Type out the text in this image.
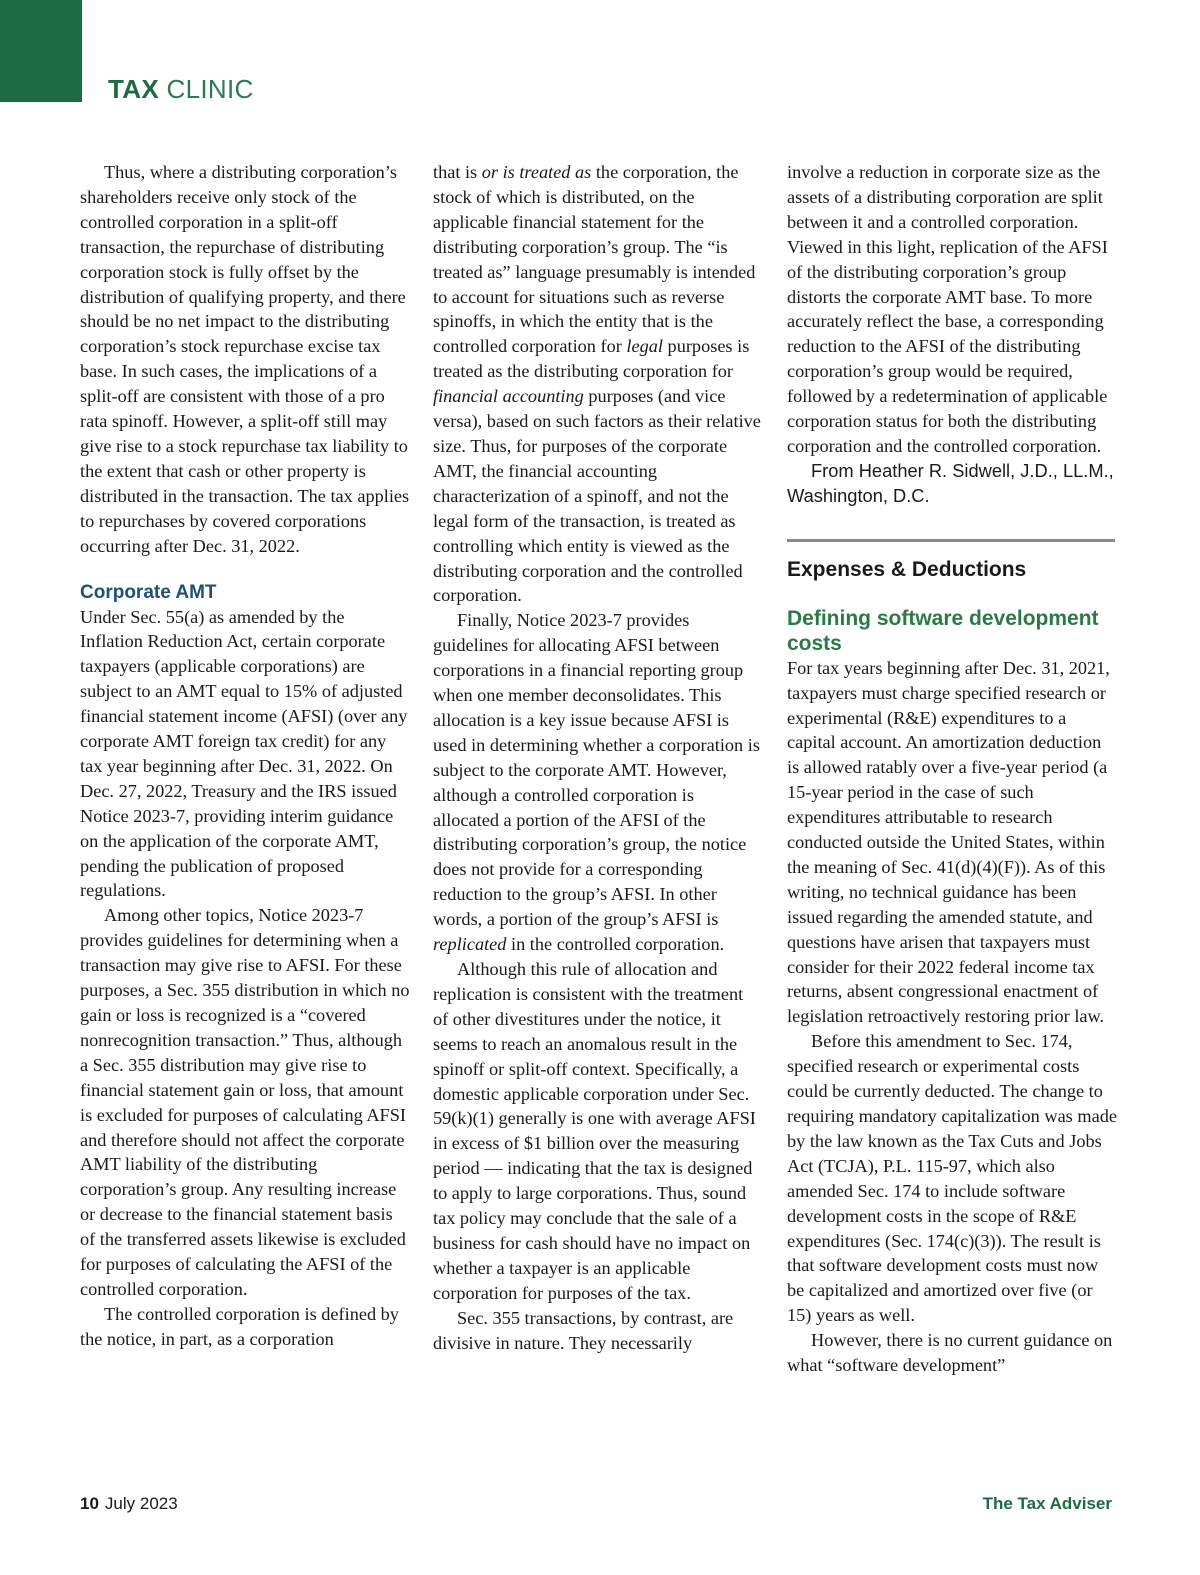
TAX CLINIC

Thus, where a distributing corporation’s shareholders receive only stock of the controlled corporation in a split-off transaction, the repurchase of distributing corporation stock is fully offset by the distribution of qualifying property, and there should be no net impact to the distributing corporation’s stock repurchase excise tax base. In such cases, the implications of a split-off are consistent with those of a pro rata spinoff. However, a split-off still may give rise to a stock repurchase tax liability to the extent that cash or other property is distributed in the transaction. The tax applies to repurchases by covered corporations occurring after Dec. 31, 2022.

Corporate AMT

Under Sec. 55(a) as amended by the Inflation Reduction Act, certain corporate taxpayers (applicable corporations) are subject to an AMT equal to 15% of adjusted financial statement income (AFSI) (over any corporate AMT foreign tax credit) for any tax year beginning after Dec. 31, 2022. On Dec. 27, 2022, Treasury and the IRS issued Notice 2023-7, providing interim guidance on the application of the corporate AMT, pending the publication of proposed regulations.

Among other topics, Notice 2023-7 provides guidelines for determining when a transaction may give rise to AFSI. For these purposes, a Sec. 355 distribution in which no gain or loss is recognized is a “covered nonrecognition transaction.” Thus, although a Sec. 355 distribution may give rise to financial statement gain or loss, that amount is excluded for purposes of calculating AFSI and therefore should not affect the corporate AMT liability of the distributing corporation’s group. Any resulting increase or decrease to the financial statement basis of the transferred assets likewise is excluded for purposes of calculating the AFSI of the controlled corporation.

The controlled corporation is defined by the notice, in part, as a corporation

that is or is treated as the corporation, the stock of which is distributed, on the applicable financial statement for the distributing corporation’s group. The “is treated as” language presumably is intended to account for situations such as reverse spinoffs, in which the entity that is the controlled corporation for legal purposes is treated as the distributing corporation for financial accounting purposes (and vice versa), based on such factors as their relative size. Thus, for purposes of the corporate AMT, the financial accounting characterization of a spinoff, and not the legal form of the transaction, is treated as controlling which entity is viewed as the distributing corporation and the controlled corporation.

Finally, Notice 2023-7 provides guidelines for allocating AFSI between corporations in a financial reporting group when one member deconsolidates. This allocation is a key issue because AFSI is used in determining whether a corporation is subject to the corporate AMT. However, although a controlled corporation is allocated a portion of the AFSI of the distributing corporation’s group, the notice does not provide for a corresponding reduction to the group’s AFSI. In other words, a portion of the group’s AFSI is replicated in the controlled corporation.

Although this rule of allocation and replication is consistent with the treatment of other divestitures under the notice, it seems to reach an anomalous result in the spinoff or split-off context. Specifically, a domestic applicable corporation under Sec. 59(k)(1) generally is one with average AFSI in excess of $1 billion over the measuring period — indicating that the tax is designed to apply to large corporations. Thus, sound tax policy may conclude that the sale of a business for cash should have no impact on whether a taxpayer is an applicable corporation for purposes of the tax.

Sec. 355 transactions, by contrast, are divisive in nature. They necessarily

involve a reduction in corporate size as the assets of a distributing corporation are split between it and a controlled corporation. Viewed in this light, replication of the AFSI of the distributing corporation’s group distorts the corporate AMT base. To more accurately reflect the base, a corresponding reduction to the AFSI of the distributing corporation’s group would be required, followed by a redetermination of applicable corporation status for both the distributing corporation and the controlled corporation.

From Heather R. Sidwell, J.D., LL.M., Washington, D.C.

Expenses & Deductions
Defining software development costs

For tax years beginning after Dec. 31, 2021, taxpayers must charge specified research or experimental (R&E) expenditures to a capital account. An amortization deduction is allowed ratably over a five-year period (a 15-year period in the case of such expenditures attributable to research conducted outside the United States, within the meaning of Sec. 41(d)(4)(F)). As of this writing, no technical guidance has been issued regarding the amended statute, and questions have arisen that taxpayers must consider for their 2022 federal income tax returns, absent congressional enactment of legislation retroactively restoring prior law.

Before this amendment to Sec. 174, specified research or experimental costs could be currently deducted. The change to requiring mandatory capitalization was made by the law known as the Tax Cuts and Jobs Act (TCJA), P.L. 115-97, which also amended Sec. 174 to include software development costs in the scope of R&E expenditures (Sec. 174(c)(3)). The result is that software development costs must now be capitalized and amortized over five (or 15) years as well.

However, there is no current guidance on what “software development”

10 July 2023	The Tax Adviser
